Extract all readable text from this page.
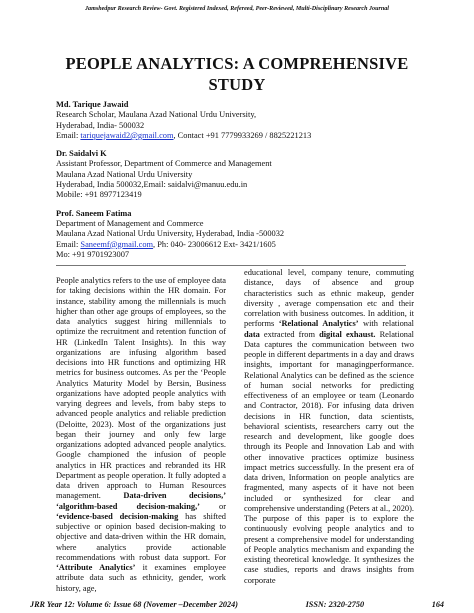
Jamshedpur Research Review- Govt. Registered Indexed, Refereed, Peer-Reviewed, Multi-Disciplinary Research Journal
PEOPLE ANALYTICS: A COMPREHENSIVE
STUDY
Md. Tarique Jawaid
Research Scholar, Maulana Azad National Urdu University,
Hyderabad, India- 500032
Email: tariquejawaid2@gmail.com, Contact +91 7779933269 / 8825221213
Dr. Saidalvi K
Assistant Professor, Department of Commerce and Management
Maulana Azad National Urdu University
Hyderabad, India 500032,Email: saidalvi@manuu.edu.in
Mobile: +91 8977123419
Prof. Saneem Fatima
Department of Management and Commerce
Maulana Azad National Urdu University, Hyderabad, India -500032
Email: Saneemf@gmail.com, Ph: 040- 23006612 Ext- 3421/1605
Mo: +91 9701923007

People analytics refers to the use of employee data for taking decisions within the HR domain. For instance, stability among the millennials is much higher than other age groups of employees, so the data analytics suggest hiring millennials to optimize the recruitment and retention function of HR (LinkedIn Talent Insights). In this way organizations are infusing algorithm based decisions into HR functions and optimizing HR metrics for business outcomes. As per the ‘People Analytics Maturity Model by Bersin, Business organizations have adopted people analytics with varying degrees and levels, from baby steps to advanced people analytics and reliable prediction (Deloitte, 2023). Most of the organizations just began their journey and only few large organizations adopted advanced people analytics. Google championed the infusion of people analytics in HR practices and rebranded its HR Department as people operation. It fully adopted a data driven approach to Human Resources management. Data-driven decisions,’ ‘algorithm-based decision-making,’ or ‘evidence-based decision-making has shifted subjective or opinion based decision-making to objective and data-driven within the HR domain, where analytics provide actionable recommendations with robust data support. For ‘Attribute Analytics’ it examines employee attribute data such as ethnicity, gender, work history, age,

educational level, company tenure, commuting distance, days of absence and group characteristics such as ethnic makeup, gender diversity , average compensation etc and their correlation with business outcomes. In addition, it performs ‘Relational Analytics’ with relational data extracted from digital exhaust. Relational Data captures the communication between two people in different departments in a day and draws insights, important for managingperformance. Relational Analytics can be defined as the science of human social networks for predicting effectiveness of an employee or team (Leonardo and Contractor, 2018). For infusing data driven decisions in HR function, data scientists, behavioral scientists, researchers carry out the research and development, like google does through its People and Innovation Lab and with other innovative practices optimize business impact metrics successfully. In the present era of data driven, Information on people analytics are fragmented, many aspects of it have not been included or synthesized for clear and comprehensive understanding (Peters at al., 2020). The purpose of this paper is to explore the continuously evolving people analytics and to present a comprehensive model for understanding of People analytics mechanism and expanding the existing theoretical knowledge. It synthesizes the case studies, reports and draws insights from corporate

JRR Year 12: Volume 6: Issue 68 (Novemer –December 2024)	ISSN: 2320-2750	164
